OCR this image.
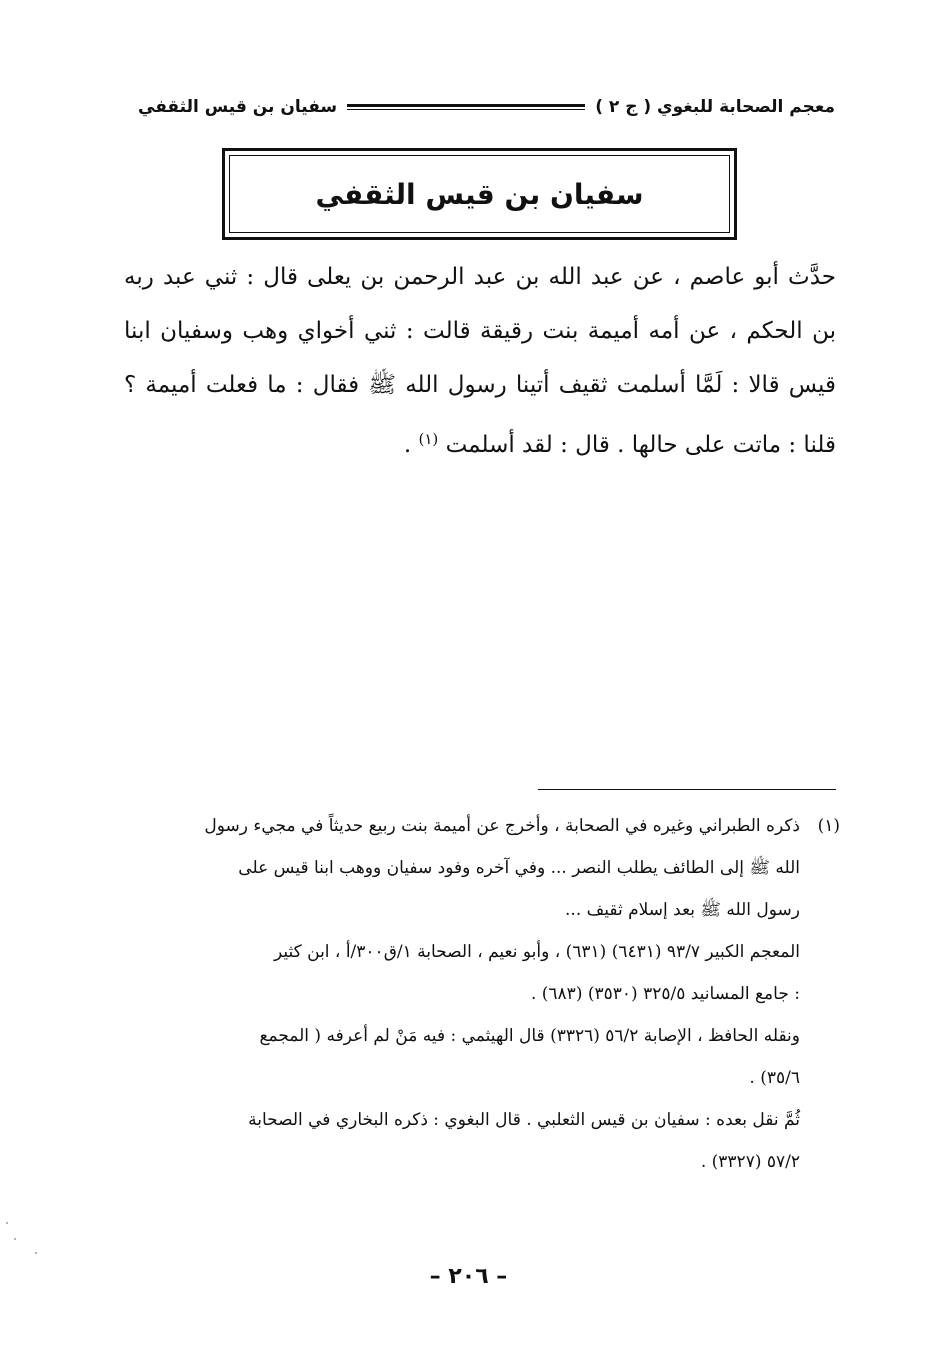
معجم الصحابة للبغوي ( ج ٢ )
سفيان بن قيس الثقفي
سفيان بن قيس الثقفي
حدَّث أبو عاصم ، عن عبد الله بن عبد الرحمن بن يعلى قال : ثني عبد ربه بن الحكم ، عن أمه أميمة بنت رقيقة قالت : ثني أخواي وهب وسفيان ابنا قيس قالا : لَمَّا أسلمت ثقيف أتينا رسول الله ﷺ فقال : ما فعلت أميمة ؟ قلنا : ماتت على حالها . قال : لقد أسلمت $^{(١)}$ .
(١)ذكره الطبراني وغيره في الصحابة ، وأخرج عن أميمة بنت ربيع حديثاً في مجيء رسول
الله ﷺ إلى الطائف يطلب النصر ... وفي آخره وفود سفيان ووهب ابنا قيس على
رسول الله ﷺ بعد إسلام ثقيف ...
المعجم الكبير ٩٣/٧ (٦٤٣١) (٦٣١) ، وأبو نعيم ، الصحابة ١/ق٣٠٠/أ ، ابن كثير
: جامع المسانيد ٣٢٥/٥ (٣٥٣٠) (٦٨٣) .
ونقله الحافظ ، الإصابة ٥٦/٢ (٣٣٢٦) قال الهيثمي : فيه مَنْ لم أعرفه ( المجمع
٣٥/٦) .
ثُمَّ نقل بعده : سفيان بن قيس الثعلبي . قال البغوي : ذكره البخاري في الصحابة
٥٧/٢ (٣٣٢٧) .
– ٢٠٦ –
